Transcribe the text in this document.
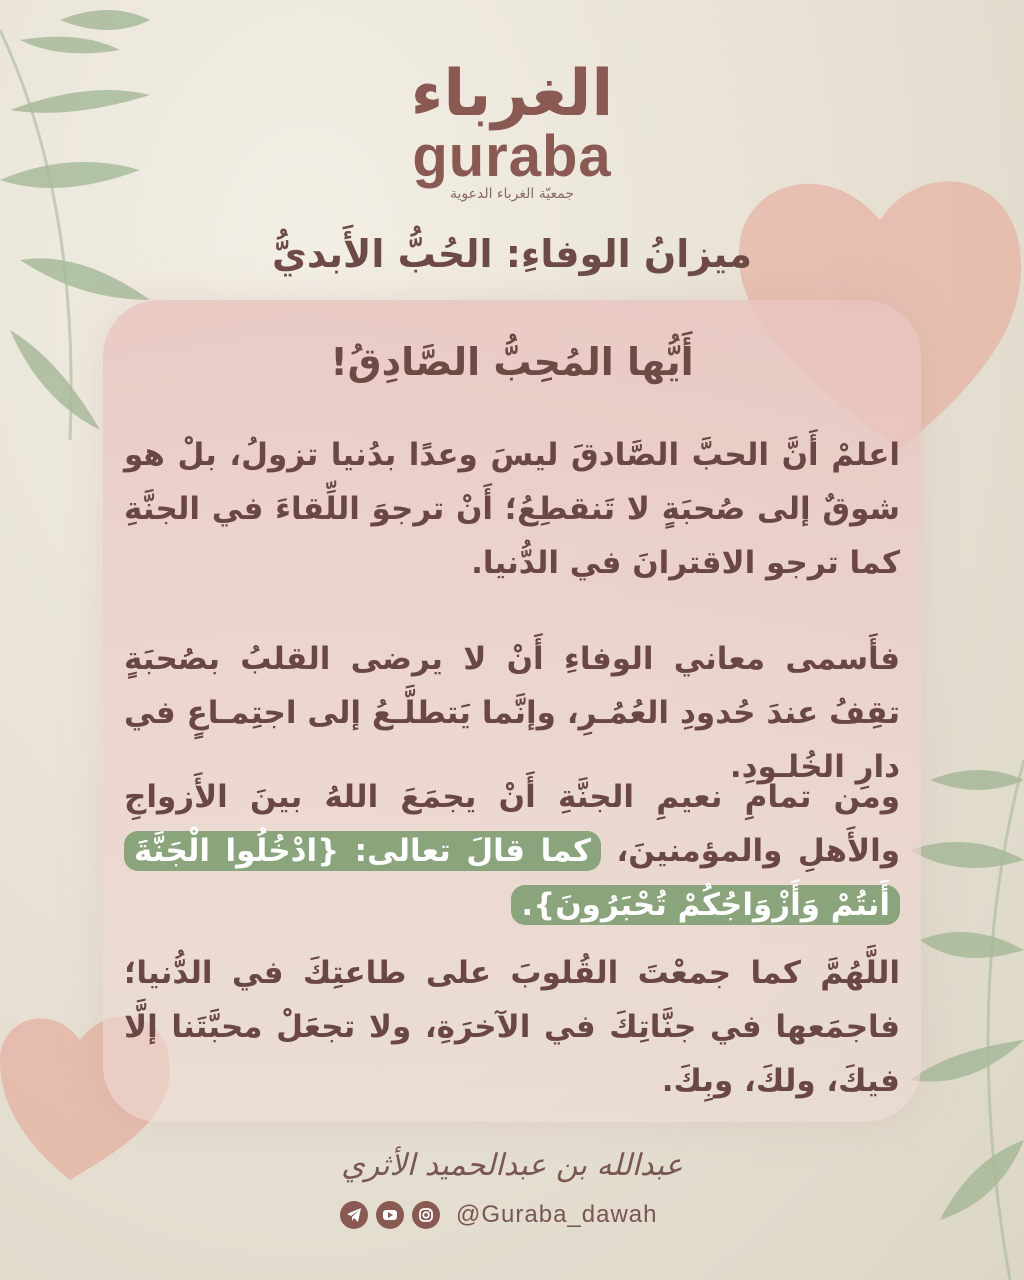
الغرباء
guraba
جمعيّة الغرباء الدعوية
ميزانُ الوفاءِ: الحُبُّ الأَبديُّ
أَيُّها المُحِبُّ الصَّادِقُ!
اعلمْ أَنَّ الحبَّ الصَّادقَ ليسَ وعدًا بدُنيا تزولُ، بلْ هو شوقٌ إلى صُحبَةٍ لا تَنقطِعُ؛ أَنْ ترجوَ اللِّقاءَ في الجنَّةِ كما ترجو الاقترانَ في الدُّنيا.
فأَسمى معاني الوفاءِ أَنْ لا يرضى القلبُ بصُحبَةٍ تقِفُ عندَ حُدودِ العُمُـرِ، وإنَّما يَتطلَّـعُ إلى اجتِمـاعٍ في دارِ الخُلـودِ.
ومن تمامِ نعيمِ الجنَّةِ أَنْ يجمَعَ اللهُ بينَ الأَزواجِ والأَهلِ والمؤمنينَ، كما قالَ تعالى: {ادْخُلُوا الْجَنَّةَ أَنتُمْ وَأَزْوَاجُكُمْ تُحْبَرُونَ}.
اللَّهُمَّ كما جمعْتَ القُلوبَ على طاعتِكَ في الدُّنيا؛ فاجمَعها في جنَّاتِكَ في الآخرَةِ، ولا تجعَلْ محبَّتَنا إلَّا فيكَ، ولكَ، وبِكَ.
عبدالله بن عبدالحميد الأثري
@Guraba_dawah
